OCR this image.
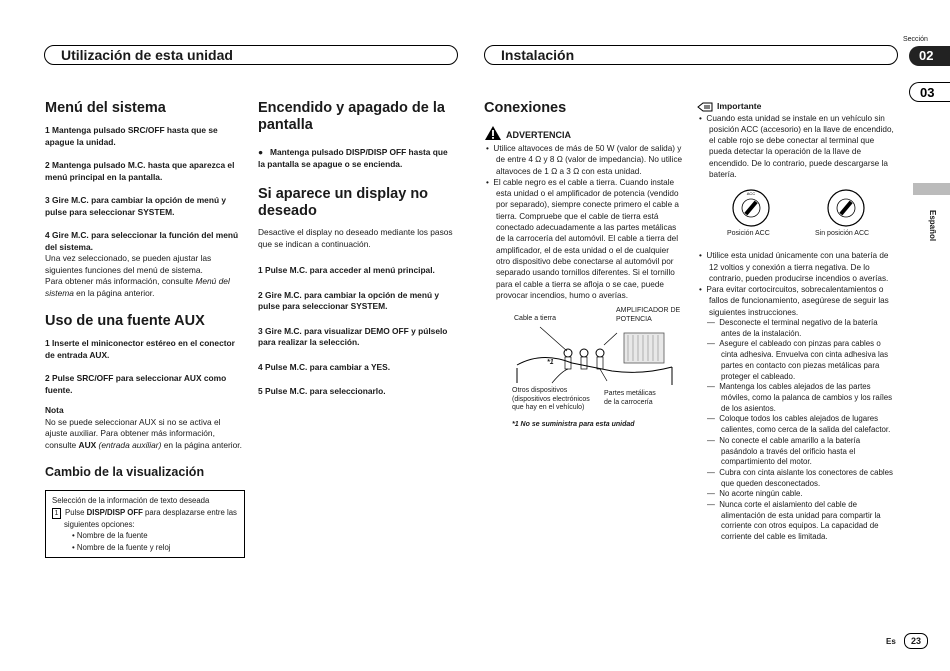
Sección
02
03
Español
Utilización de esta unidad	Instalación
Menú del sistema
1 Mantenga pulsado SRC/OFF hasta que se apague la unidad.
2 Mantenga pulsado M.C. hasta que aparezca el menú principal en la pantalla.
3 Gire M.C. para cambiar la opción de menú y pulse para seleccionar SYSTEM.
4 Gire M.C. para seleccionar la función del menú del sistema.
Una vez seleccionado, se pueden ajustar las siguientes funciones del menú de sistema.
Para obtener más información, consulte Menú del sistema en la página anterior.
Uso de una fuente AUX
1 Inserte el miniconector estéreo en el conector de entrada AUX.
2 Pulse SRC/OFF para seleccionar AUX como fuente.
Nota
No se puede seleccionar AUX si no se activa el ajuste auxiliar. Para obtener más información, consulte AUX (entrada auxiliar) en la página anterior.
Cambio de la visualización
Selección de la información de texto deseada
1 Pulse DISP/DISP OFF para desplazarse entre las siguientes opciones:
• Nombre de la fuente
• Nombre de la fuente y reloj
Encendido y apagado de la pantalla
●   Mantenga pulsado DISP/DISP OFF hasta que la pantalla se apague o se encienda.
Si aparece un display no deseado
Desactive el display no deseado mediante los pasos que se indican a continuación.
1 Pulse M.C. para acceder al menú principal.
2 Gire M.C. para cambiar la opción de menú y pulse para seleccionar SYSTEM.
3 Gire M.C. para visualizar DEMO OFF y púlselo para realizar la selección.
4 Pulse M.C. para cambiar a YES.
5 Pulse M.C. para seleccionarlo.
Conexiones
ADVERTENCIA
•  Utilice altavoces de más de 50 W (valor de salida) y de entre 4 Ω y 8 Ω (valor de impedancia). No utilice altavoces de 1 Ω a 3 Ω con esta unidad.
•  El cable negro es el cable a tierra. Cuando instale esta unidad o el amplificador de potencia (vendido por separado), siempre conecte primero el cable a tierra. Compruebe que el cable de tierra está conectado adecuadamente a las partes metálicas de la carrocería del automóvil. El cable a tierra del amplificador, el de esta unidad o el de cualquier otro dispositivo debe conectarse al automóvil por separado usando tornillos diferentes. Si el tornillo para el cable a tierra se afloja o se cae, puede provocar incendios, humo o averías.
Cable a tierra
AMPLIFICADOR DE POTENCIA
*1
Otros dispositivos (dispositivos electrónicos que hay en el vehículo)
Partes metálicas de la carrocería
*1 No se suministra para esta unidad
Importante
•  Cuando esta unidad se instale en un vehículo sin posición ACC (accesorio) en la llave de encendido, el cable rojo se debe conectar al terminal que pueda detectar la operación de la llave de encendido. De lo contrario, puede descargarse la batería.
ACC
Posición ACC	Sin posición ACC
•  Utilice esta unidad únicamente con una batería de 12 voltios y conexión a tierra negativa. De lo contrario, pueden producirse incendios o averías.
•  Para evitar cortocircuitos, sobrecalentamientos o fallos de funcionamiento, asegúrese de seguir las siguientes instrucciones.
—  Desconecte el terminal negativo de la batería antes de la instalación.
—  Asegure el cableado con pinzas para cables o cinta adhesiva. Envuelva con cinta adhesiva las partes en contacto con piezas metálicas para proteger el cableado.
—  Mantenga los cables alejados de las partes móviles, como la palanca de cambios y los raíles de los asientos.
—  Coloque todos los cables alejados de lugares calientes, como cerca de la salida del calefactor.
—  No conecte el cable amarillo a la batería pasándolo a través del orificio hasta el compartimiento del motor.
—  Cubra con cinta aislante los conectores de cables que queden desconectados.
—  No acorte ningún cable.
—  Nunca corte el aislamiento del cable de alimentación de esta unidad para compartir la corriente con otros equipos. La capacidad de corriente del cable es limitada.
Es	23
